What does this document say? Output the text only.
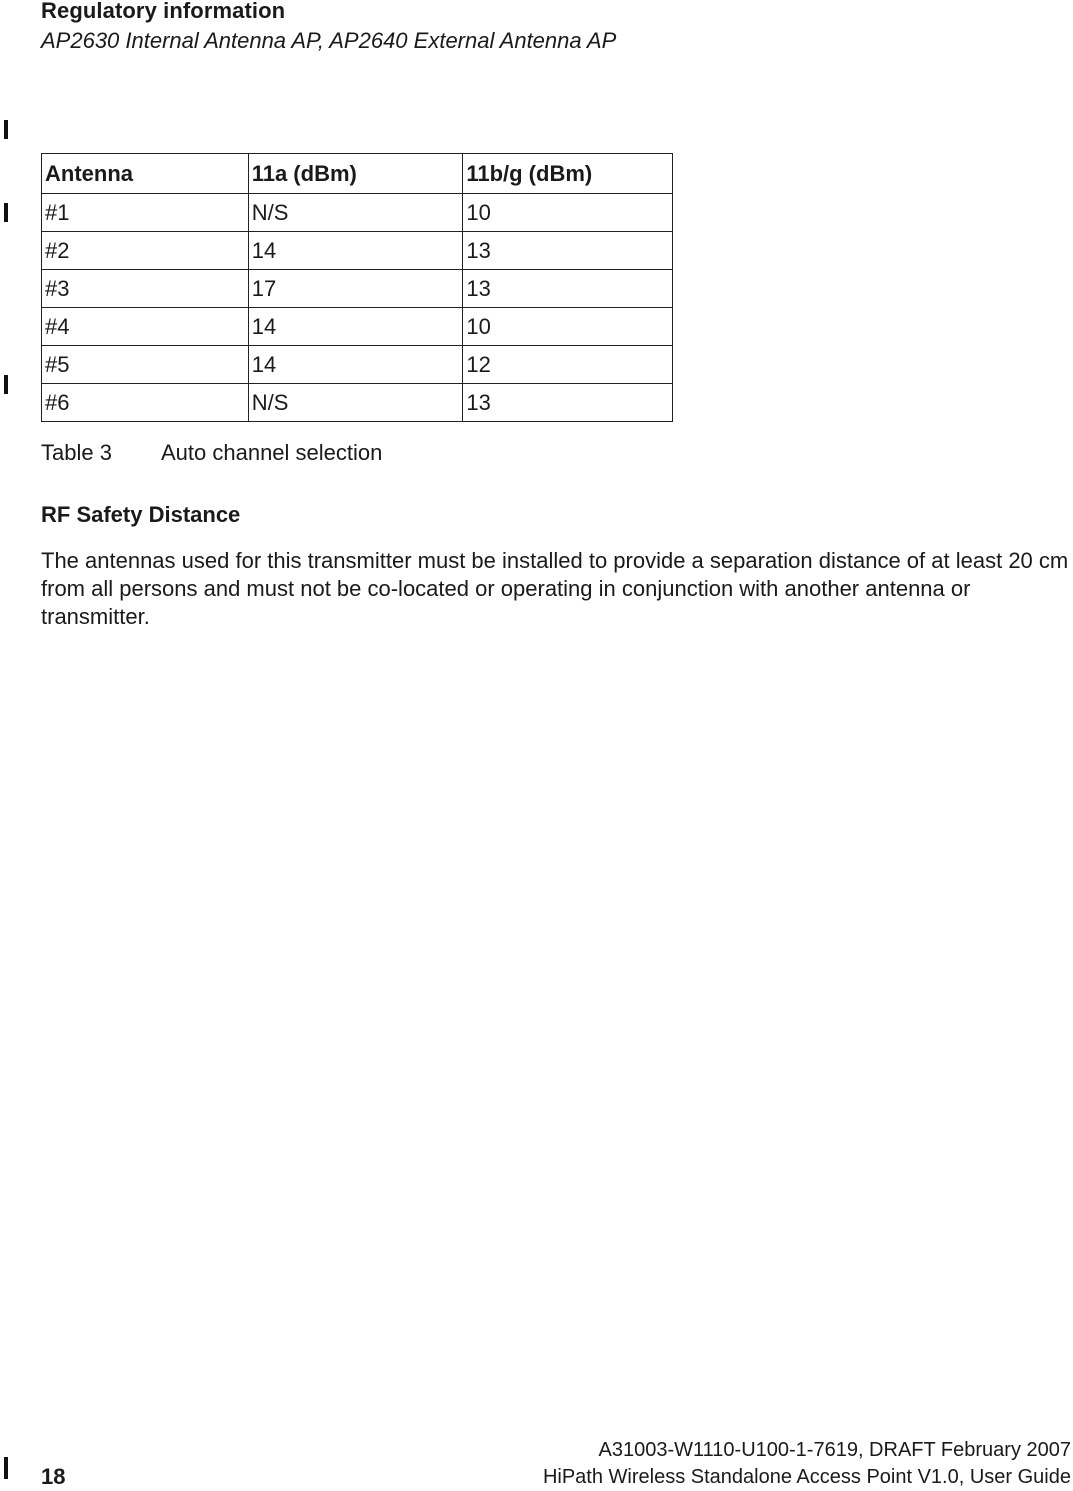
Regulatory information
AP2630 Internal Antenna AP, AP2640 External Antenna AP
Antenna	11a (dBm)	11b/g (dBm)
#1	N/S	10
#2	14	13
#3	17	13
#4	14	10
#5	14	12
#6	N/S	13
Table 3 Auto channel selection
RF Safety Distance
The antennas used for this transmitter must be installed to provide a separation distance of at least 20 cm from all persons and must not be co-located or operating in conjunction with another antenna or transmitter.
18
A31003-W1110-U100-1-7619, DRAFT February 2007
HiPath Wireless Standalone Access Point V1.0, User Guide
